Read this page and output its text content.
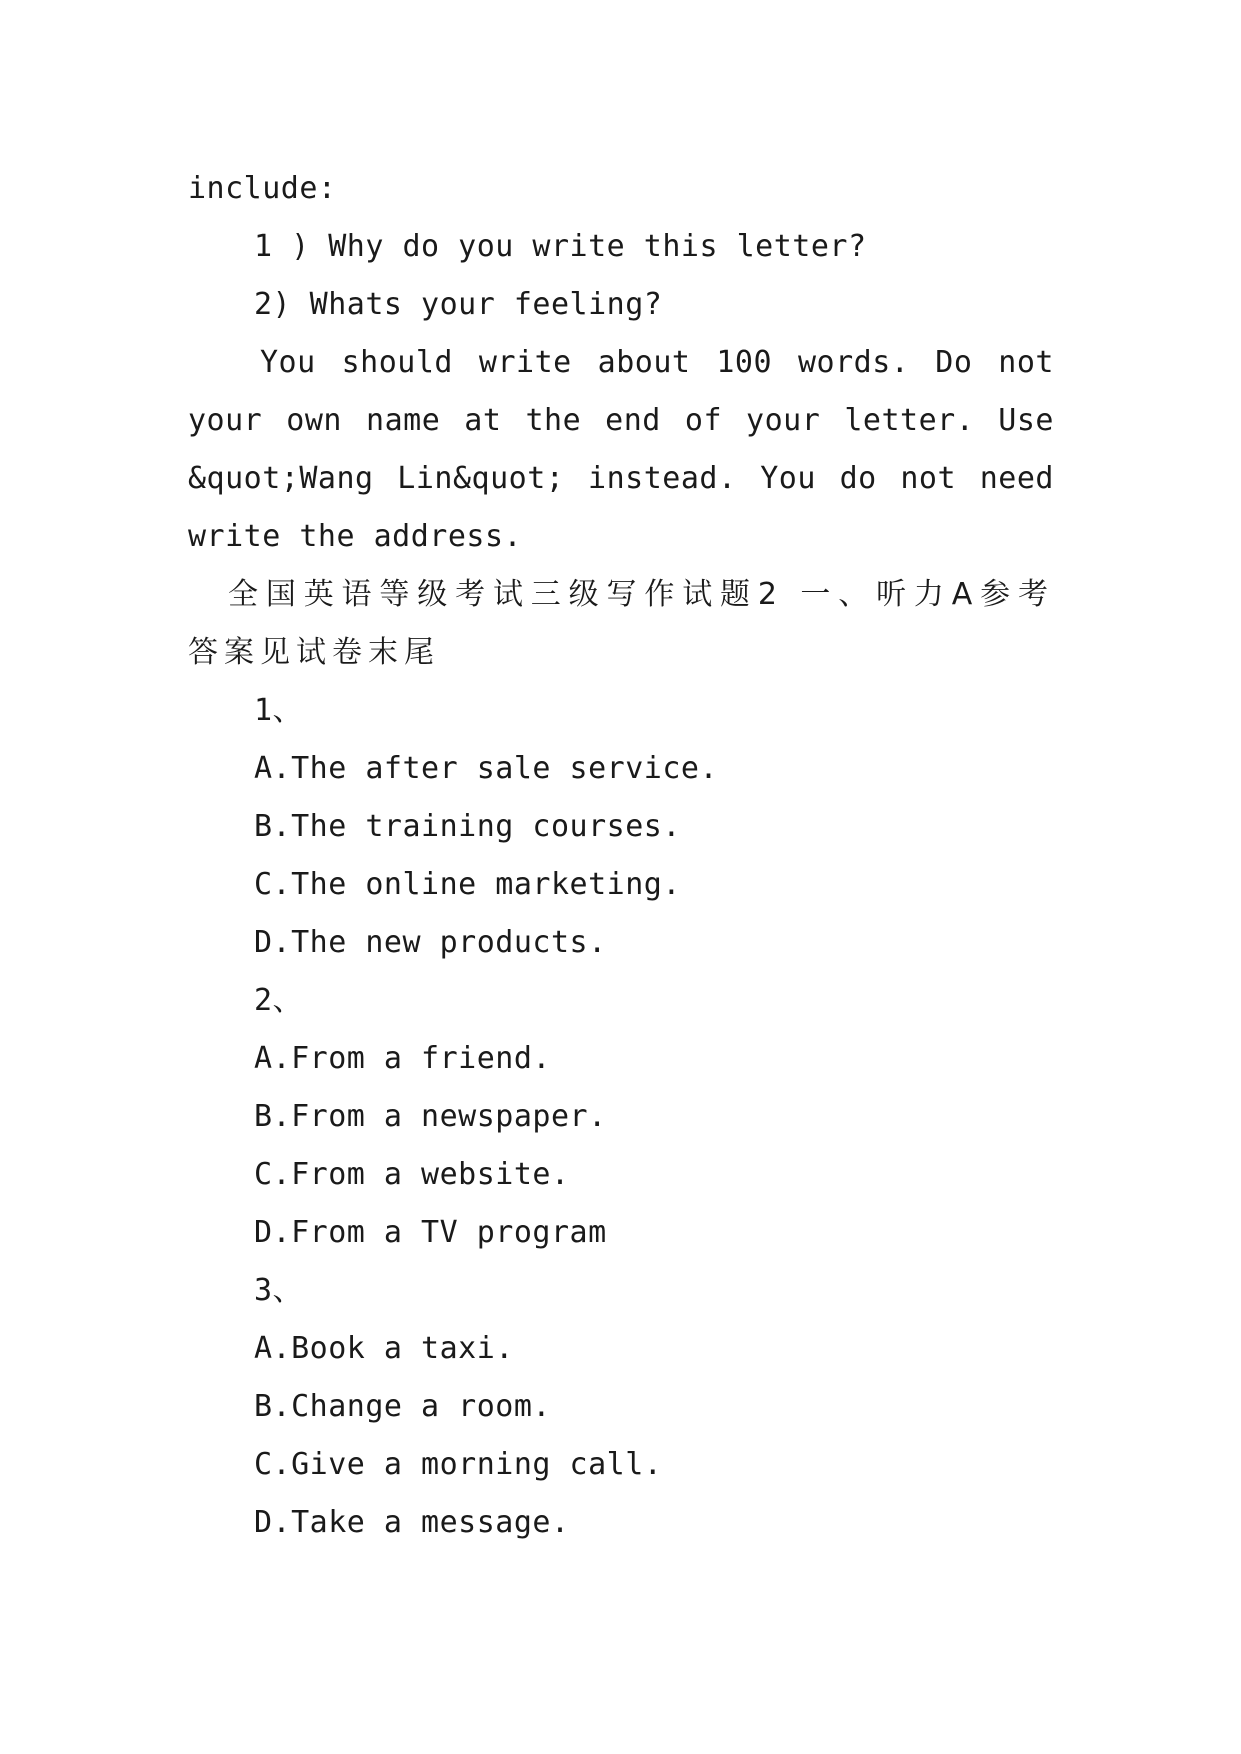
include:
1 ) Why do you write this letter?
2) Whats your feeling?
You should write about 100 words. Do not
your own name at the end of your letter. Use
&quot;Wang Lin&quot; instead. You do not need
write the address.
全国英语等级考试三级写作试题2 一、听力A参考
答案见试卷末尾
1、
A.The after sale service.
B.The training courses.
C.The online marketing.
D.The new products.
2、
A.From a friend.
B.From a newspaper.
C.From a website.
D.From a TV program
3、
A.Book a taxi.
B.Change a room.
C.Give a morning call.
D.Take a message.
